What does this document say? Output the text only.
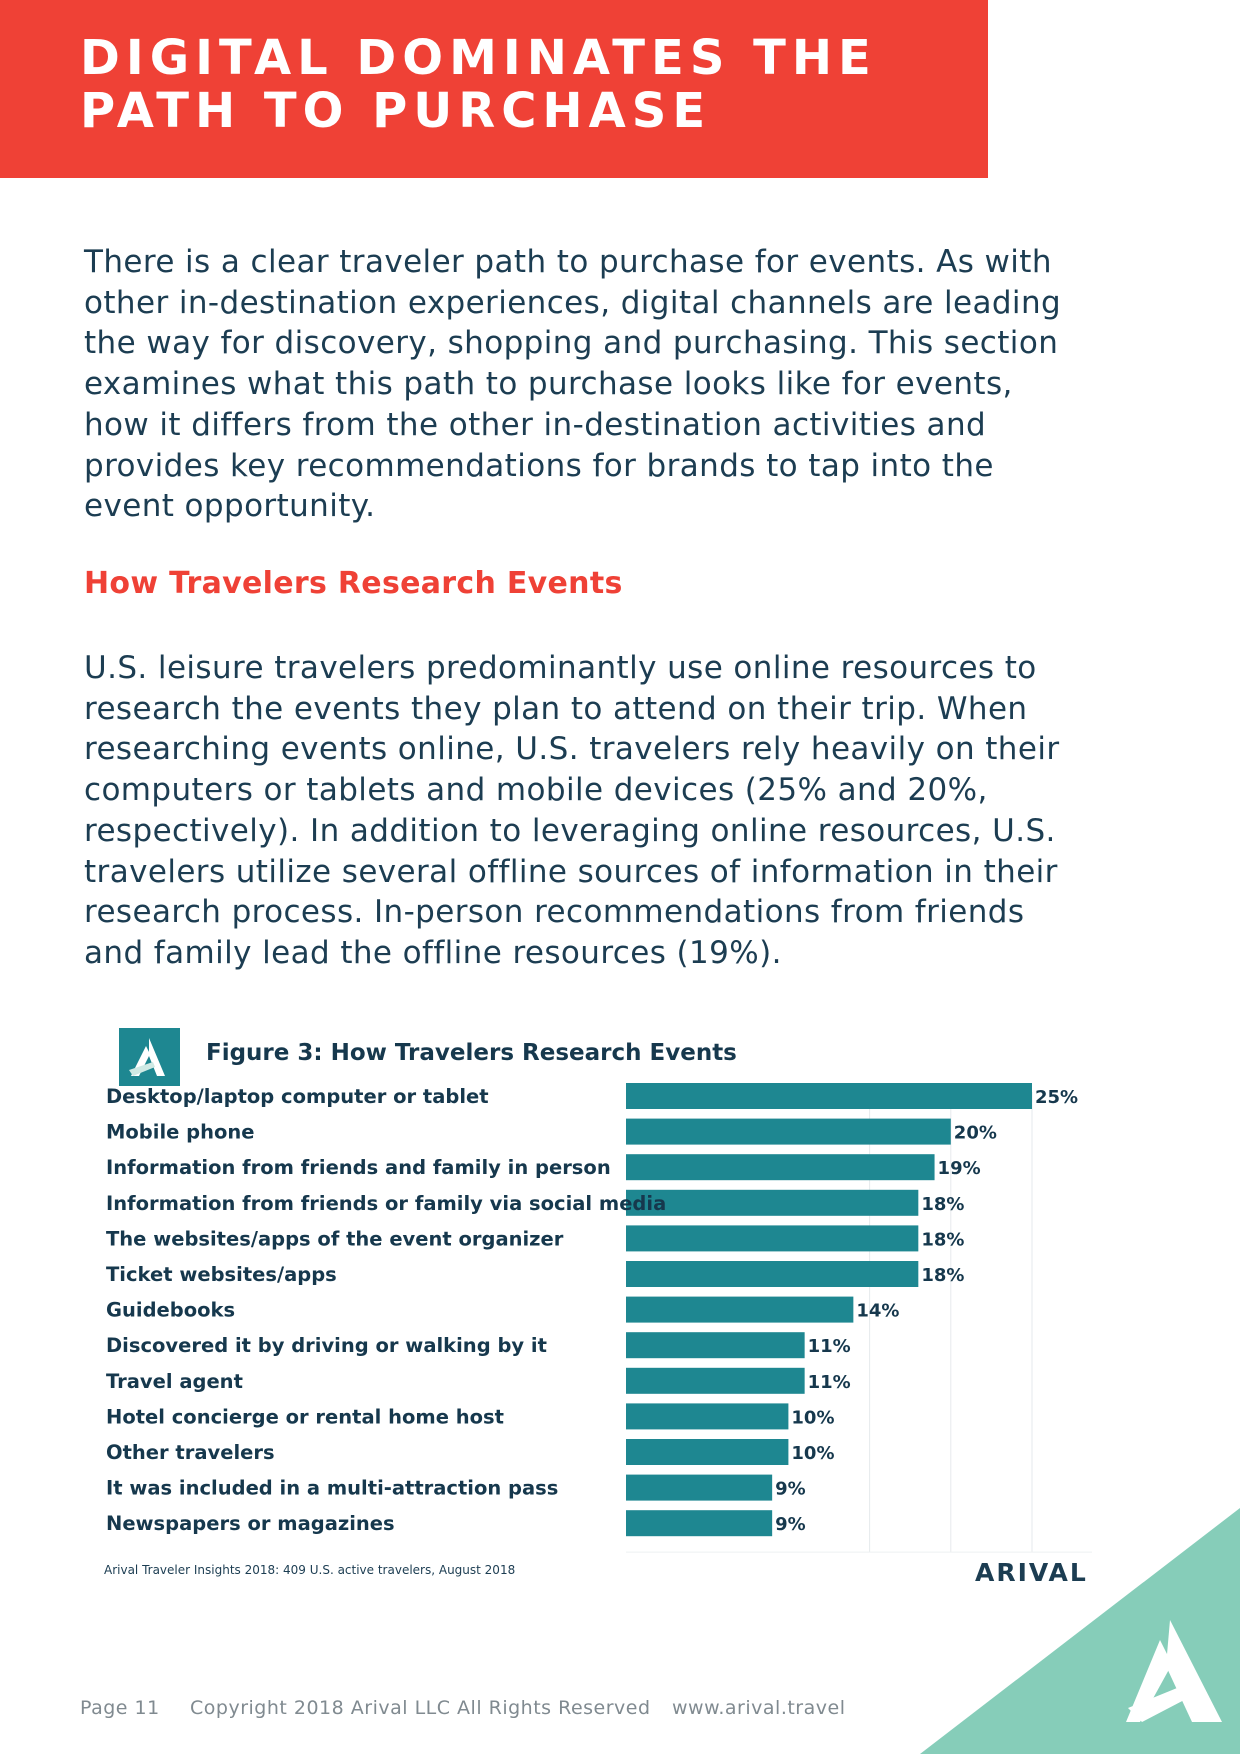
DIGITAL DOMINATES THE
PATH TO PURCHASE

There is a clear traveler path to purchase for events. As with
other in-destination experiences, digital channels are leading
the way for discovery, shopping and purchasing. This section
examines what this path to purchase looks like for events,
how it differs from the other in-destination activities and
provides key recommendations for brands to tap into the
event opportunity.

How Travelers Research Events

U.S. leisure travelers predominantly use online resources to
research the events they plan to attend on their trip. When
researching events online, U.S. travelers rely heavily on their
computers or tablets and mobile devices (25% and 20%,
respectively). In addition to leveraging online resources, U.S.
travelers utilize several offline sources of information in their
research process. In-person recommendations from friends
and family lead the offline resources (19%).

Figure 3: How Travelers Research Events
Desktop/laptop computer or tablet
Mobile phone
Information from friends and family in person
Information from friends or family via social media
The websites/apps of the event organizer
Ticket websites/apps
Guidebooks
Discovered it by driving or walking by it
Travel agent
Hotel concierge or rental home host
Other travelers
It was included in a multi-attraction pass
Newspapers or magazines
25%
20%
19%
18%
18%
18%
14%
11%
11%
10%
10%
9%
9%

Arival Traveler Insights 2018: 409 U.S. active travelers, August 2018	ARIVAL

Page 11 Copyright 2018 Arival LLC All Rights Reserved www.arival.travel
